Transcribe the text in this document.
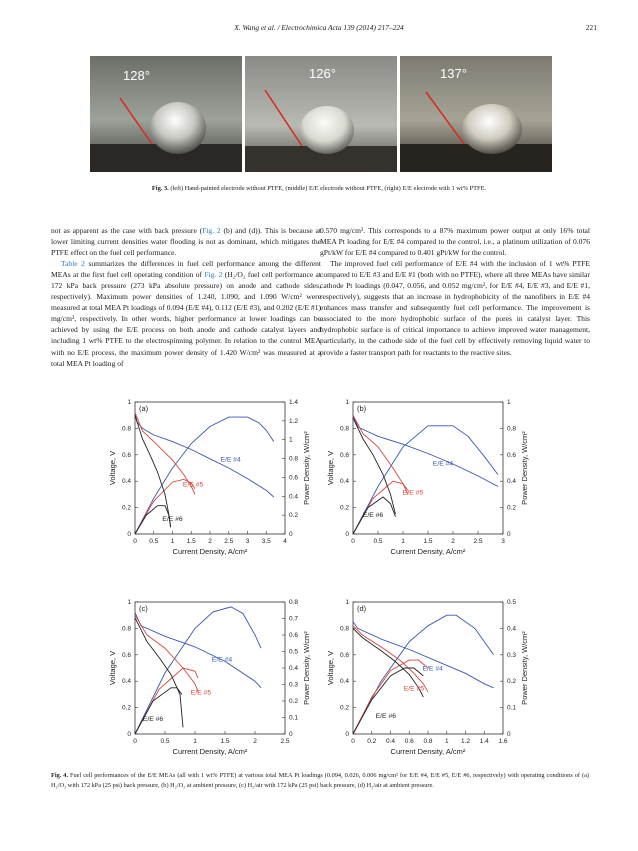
X. Wang et al. / Electrochimica Acta 139 (2014) 217–224	221
128°	126°	137°
Fig. 3. (left) Hand-painted electrode without PTFE, (middle) E/E electrode without PTFE, (right) E/E electrode with 1 wt% PTFE.

not as apparent as the case with back pressure (Fig. 2 (b) and (d)). This is because at lower limiting current densities water flooding is not as dominant, which mitigates the PTFE effect on the fuel cell performance.

Table 2 summarizes the differences in fuel cell performance among the different MEAs at the first fuel cell operating condition of Fig. 2 (H₂/O₂ fuel cell performance at 172 kPa back pressure (273 kPa absolute pressure) on anode and cathode sides, respectively). Maximum power densities of 1.240, 1.090, and 1.090 W/cm² were measured at total MEA Pt loadings of 0.094 (E/E #4), 0.112 (E/E #3), and 0.202 (E/E #1) mg/cm², respectively. In other words, higher performance at lower loadings can be achieved by using the E/E process on both anode and cathode catalyst layers and including 1 wt% PTFE to the electrospinning polymer. In relation to the control MEA with no E/E process, the maximum power density of 1.420 W/cm² was measured at a total MEA Pt loading of

0.570 mg/cm². This corresponds to a 87% maximum power output at only 16% total MEA Pt loading for E/E #4 compared to the control, i.e., a platinum utilization of 0.076 gPt/kW for E/E #4 compared to 0.401 gPt/kW for the control.

The improved fuel cell performance of E/E #4 with the inclusion of 1 wt% PTFE compared to E/E #3 and E/E #1 (both with no PTFE), where all three MEAs have similar cathode Pt loadings (0.047, 0.056, and 0.052 mg/cm², for E/E #4, E/E #3, and E/E #1, respectively), suggests that an increase in hydrophobicity of the nanofibers in E/E #4 enhances mass transfer and subsequently fuel cell performance. The improvement is associated to the more hydrophobic surface of the pores in catalyst layer. This hydrophobic surface is of critical importance to achieve improved water management, particularly, in the cathode side of the fuel cell by effectively removing liquid water to provide a faster transport path for reactants to the reactive sites.

0 0.5 1 1.5 2 2.5 3 3.5 4
0
0.2
0.4
0.6
0.8
1
0
0.2
0.4
0.6
0.8
1
1.2
1.4
Current Density, A/cm²
Voltage, V	Power Density, W/cm²
(a)
E/E #4
E/E #5
E/E #6
0	0.5	1	1.5	2	2.5	3
0
0.2
0.4
0.6
0.8
1
0
0.2
0.4
0.6
0.8
1
Current Density, A/cm²
Voltage, V	Power Density, W/cm²
(b)
E/E #4
E/E #5
E/E #6
0	0.5	1	1.5	2	2.5
0
0.2
0.4
0.6
0.8
1
0
0.1
0.2
0.3
0.4
0.5
0.6
0.7
0.8
Current Density, A/cm²
Voltage, V	Power Density, W/cm²
(c)
E/E #4
E/E #5
E/E #6
0 0.2 0.4 0.6 0.8 1 1.2 1.4 1.6
0
0.2
0.4
0.6
0.8
1
0
0.1
0.2
0.3
0.4
0.5
Current Density, A/cm²
Voltage, V	Power Density, W/cm²
(d)
E/E #4
E/E #5
E/E #6
Fig. 4. Fuel cell performances of the E/E MEAs (all with 1 wt% PTFE) at various total MEA Pt loadings (0.094, 0.026, 0.006 mg/cm² for E/E #4, E/E #5, E/E #6, respectively) with operating conditions of (a) H₂/O₂ with 172 kPa (25 psi) back pressure, (b) H₂/O₂ at ambient pressure, (c) H₂/air with 172 kPa (25 psi) back pressure, (d) H₂/air at ambient pressure.
